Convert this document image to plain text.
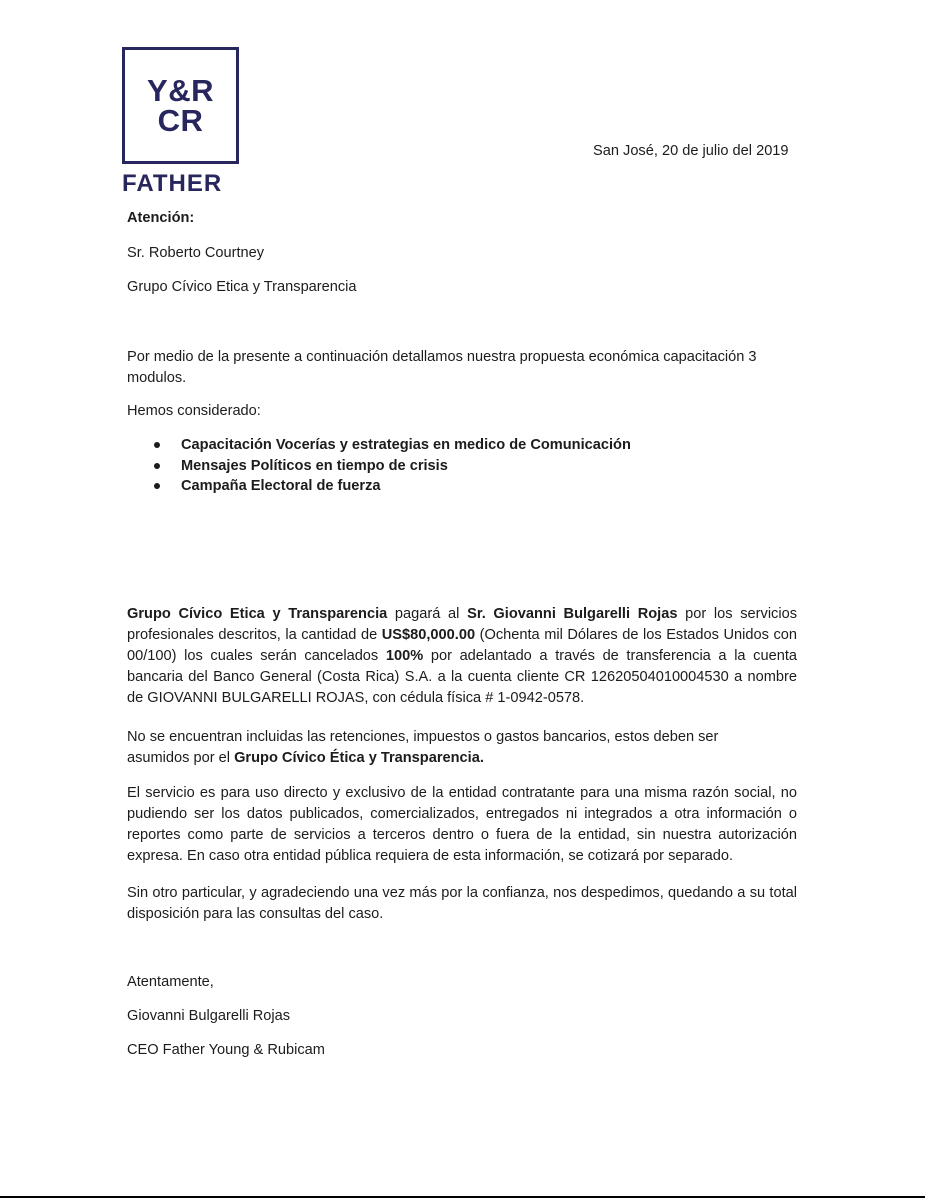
Y&R
CR
FATHER
San José, 20 de julio del 2019
Atención:
Sr. Roberto Courtney
Grupo Cívico Etica y Transparencia
Por medio de la presente a continuación detallamos nuestra propuesta económica capacitación 3 modulos.
Hemos considerado:
Capacitación Vocerías y estrategias en medico de Comunicación
Mensajes Políticos en tiempo de crisis
Campaña Electoral de fuerza
Grupo Cívico Etica y Transparencia pagará al Sr. Giovanni Bulgarelli Rojas por los servicios profesionales descritos, la cantidad de US$80,000.00 (Ochenta mil Dólares de los Estados Unidos con 00/100) los cuales serán cancelados 100% por adelantado a través de transferencia a la cuenta bancaria del Banco General (Costa Rica) S.A. a la cuenta cliente CR 12620504010004530 a nombre de GIOVANNI BULGARELLI ROJAS, con cédula física # 1-0942-0578.
No se encuentran incluidas las retenciones, impuestos o gastos bancarios, estos deben ser asumidos por el Grupo Cívico Ética y Transparencia.
El servicio es para uso directo y exclusivo de la entidad contratante para una misma razón social, no pudiendo ser los datos publicados, comercializados, entregados ni integrados a otra información o reportes como parte de servicios a terceros dentro o fuera de la entidad, sin nuestra autorización expresa. En caso otra entidad pública requiera de esta información, se cotizará por separado.
Sin otro particular, y agradeciendo una vez más por la confianza, nos despedimos, quedando a su total disposición para las consultas del caso.
Atentamente,
Giovanni Bulgarelli Rojas
CEO Father Young & Rubicam
